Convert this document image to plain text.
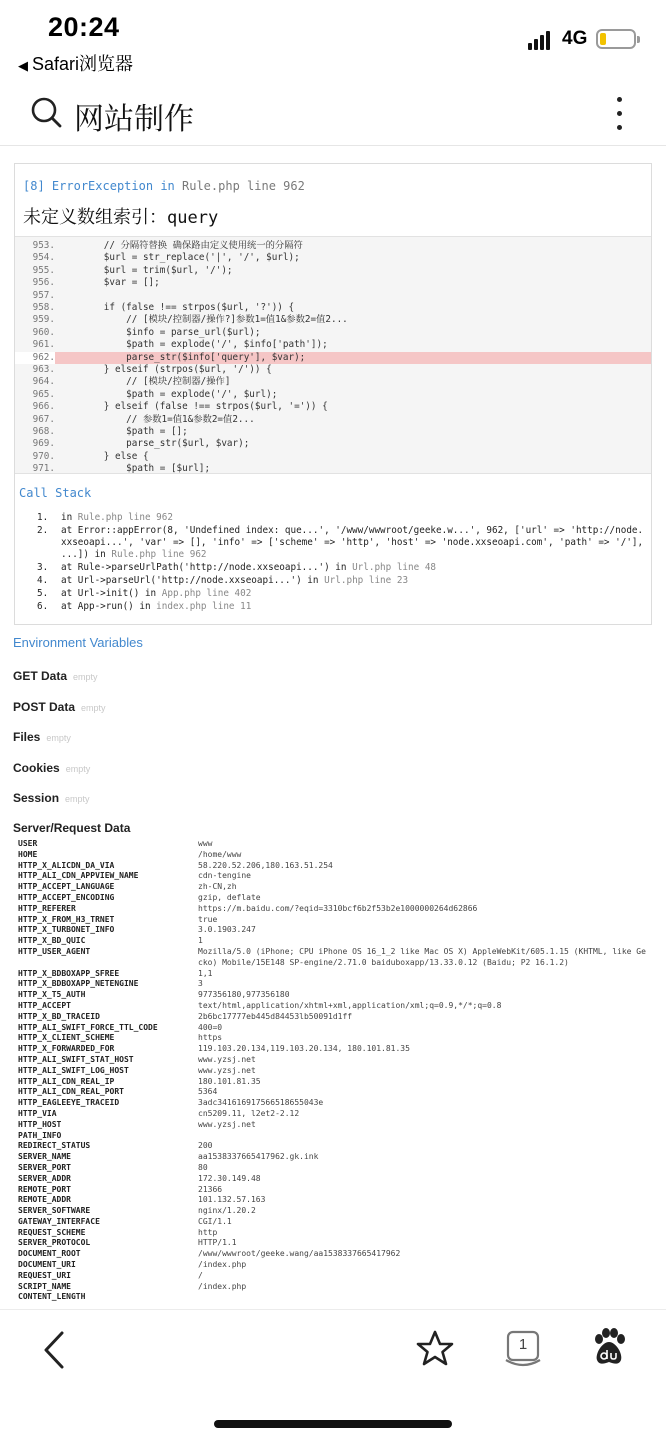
20:24
◀ Safari浏览器
4G
网站制作
[8] ErrorException in Rule.php line 962
未定义数组索引：query
953. // 分隔符替换 确保路由定义使用统一的分隔符
954. $url = str_replace('|', '/', $url);
955. $url = trim($url, '/');
956. $var = [];
957.
958. if (false !== strpos($url, '?')) {
959. // [模块/控制器/操作?]参数1=值1&参数2=值2...
960. $info = parse_url($url);
961. $path = explode('/', $info['path']);
962. parse_str($info['query'], $var);
963. } elseif (strpos($url, '/')) {
964. // [模块/控制器/操作]
965. $path = explode('/', $url);
966. } elseif (false !== strpos($url, '=')) {
967. // 参数1=值1&参数2=值2...
968. $path = [];
969. parse_str($url, $var);
970. } else {
971. $path = [$url];
Call Stack
1. in Rule.php line 962
2. at Error::appError(8, 'Undefined index: que...', '/www/wwwroot/geeke.w...', 962, ['url' => 'http://node.xxseoapi...', 'var' => [], 'info' => ['scheme' => 'http', 'host' => 'node.xxseoapi.com', 'path' => '/'], ...]) in Rule.php line 962
3. at Rule->parseUrlPath('http://node.xxseoapi...') in Url.php line 48
4. at Url->parseUrl('http://node.xxseoapi...') in Url.php line 23
5. at Url->init() in App.php line 402
6. at App->run() in index.php line 11
Environment Variables
GET Data empty
POST Data empty
Files empty
Cookies empty
Session empty
Server/Request Data
USER	www
HOME	/home/www
HTTP_X_ALICDN_DA_VIA	58.220.52.206,180.163.51.254
HTTP_ALI_CDN_APPVIEW_NAME	cdn-tengine
HTTP_ACCEPT_LANGUAGE	zh-CN,zh
HTTP_ACCEPT_ENCODING	gzip, deflate
HTTP_REFERER	https://m.baidu.com/?eqid=3310bcf6b2f53b2e1000000264d62866
HTTP_X_FROM_H3_TRNET	true
HTTP_X_TURBONET_INFO	3.0.1903.247
HTTP_X_BD_QUIC	1
HTTP_USER_AGENT	Mozilla/5.0 (iPhone; CPU iPhone OS 16_1_2 like Mac OS X) AppleWebKit/605.1.15 (KHTML, like Gecko) Mobile/15E148 SP-engine/2.71.0 baiduboxapp/13.33.0.12 (Baidu; P2 16.1.2)
HTTP_X_BDBOXAPP_SFREE	1,1
HTTP_X_BDBOXAPP_NETENGINE	3
HTTP_X_T5_AUTH	977356180,977356180
HTTP_ACCEPT	text/html,application/xhtml+xml,application/xml;q=0.9,*/*;q=0.8
HTTP_X_BD_TRACEID	2b6bc17777eb445d84453lb50091d1ff
HTTP_ALI_SWIFT_FORCE_TTL_CODE	400=0
HTTP_X_CLIENT_SCHEME	https
HTTP_X_FORWARDED_FOR	119.103.20.134,119.103.20.134, 180.101.81.35
HTTP_ALI_SWIFT_STAT_HOST	www.yzsj.net
HTTP_ALI_SWIFT_LOG_HOST	www.yzsj.net
HTTP_ALI_CDN_REAL_IP	180.101.81.35
HTTP_ALI_CDN_REAL_PORT	5364
HTTP_EAGLEEYE_TRACEID	3adc341616917566518655043e
HTTP_VIA	cn5209.11, l2et2-2.12
HTTP_HOST	www.yzsj.net
PATH_INFO
REDIRECT_STATUS	200
SERVER_NAME	aa1538337665417962.gk.ink
SERVER_PORT	80
SERVER_ADDR	172.30.149.48
REMOTE_PORT	21366
REMOTE_ADDR	101.132.57.163
SERVER_SOFTWARE	nginx/1.20.2
GATEWAY_INTERFACE	CGI/1.1
REQUEST_SCHEME	http
SERVER_PROTOCOL	HTTP/1.1
DOCUMENT_ROOT	/www/wwwroot/geeke.wang/aa1538337665417962
DOCUMENT_URI	/index.php
REQUEST_URI	/
SCRIPT_NAME	/index.php
CONTENT_LENGTH
1
